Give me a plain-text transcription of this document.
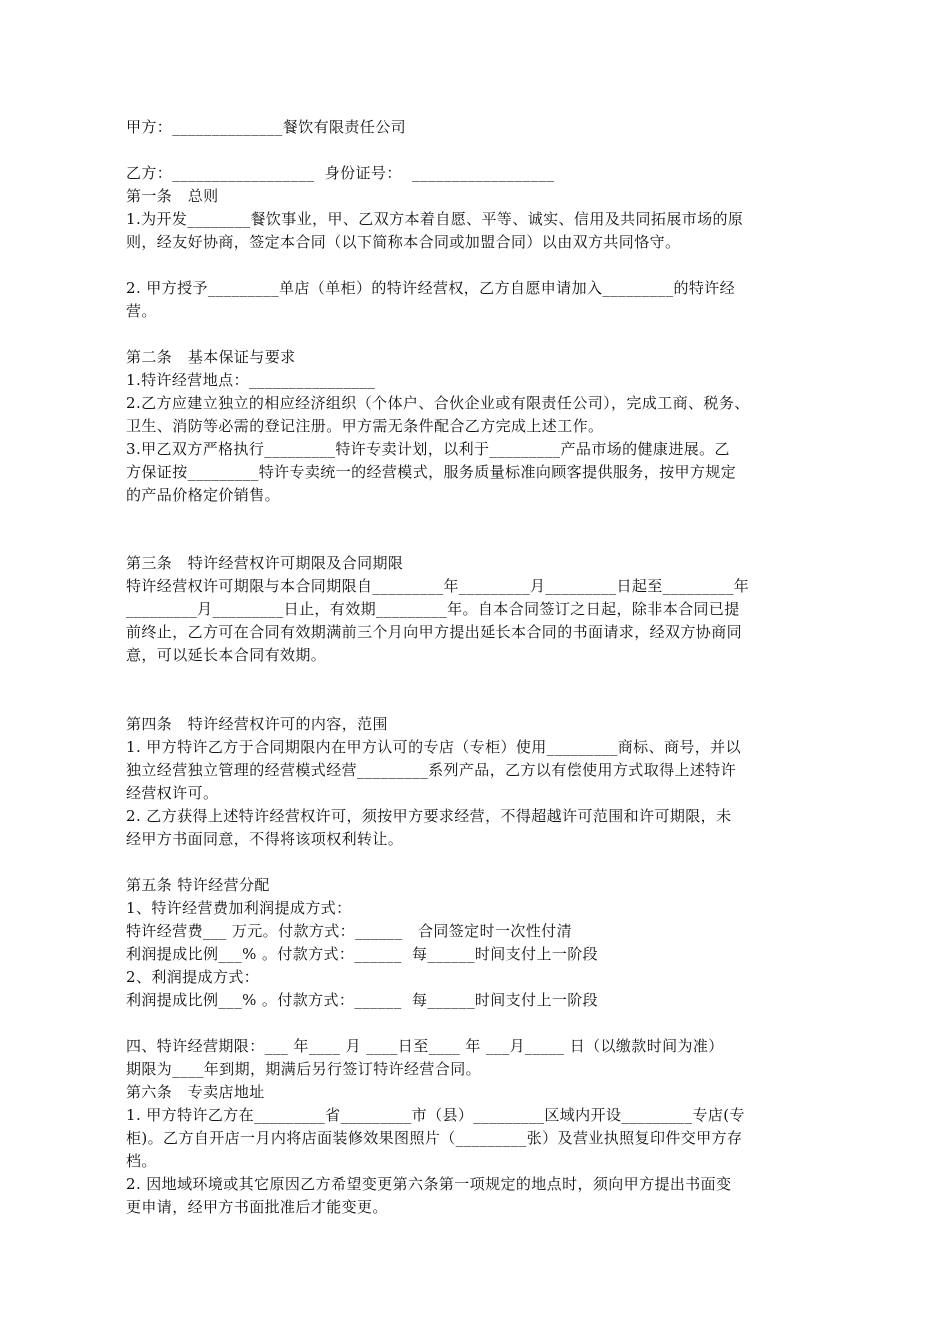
甲方：______________餐饮有限责任公司
乙方：__________________  身份证号：  __________________
第一条   总则
1.为开发________餐饮事业，甲、乙双方本着自愿、平等、诚实、信用及共同拓展市场的原
则，经友好协商，签定本合同（以下简称本合同或加盟合同）以由双方共同恪守。
2. 甲方授予_________单店（单柜）的特许经营权，乙方自愿申请加入_________的特许经
营。
第二条   基本保证与要求
1.特许经营地点：________________
2.乙方应建立独立的相应经济组织（个体户、合伙企业或有限责任公司），完成工商、税务、
卫生、消防等必需的登记注册。甲方需无条件配合乙方完成上述工作。
3.甲乙双方严格执行_________特许专卖计划，以利于_________产品市场的健康进展。乙
方保证按_________特许专卖统一的经营模式，服务质量标准向顾客提供服务，按甲方规定
的产品价格定价销售。
第三条   特许经营权许可期限及合同期限
特许经营权许可期限与本合同期限自_________年_________月_________日起至_________年
_________月_________日止，有效期_________年。自本合同签订之日起，除非本合同已提
前终止，乙方可在合同有效期满前三个月向甲方提出延长本合同的书面请求，经双方协商同
意，可以延长本合同有效期。
第四条   特许经营权许可的内容，范围
1. 甲方特许乙方于合同期限内在甲方认可的专店（专柜）使用_________商标、商号，并以
独立经营独立管理的经营模式经营_________系列产品，乙方以有偿使用方式取得上述特许
经营权许可。
2. 乙方获得上述特许经营权许可，须按甲方要求经营，不得超越许可范围和许可期限，未
经甲方书面同意，不得将该项权利转让。
第五条 特许经营分配
1、特许经营费加利润提成方式：
特许经营费___ 万元。付款方式：______   合同签定时一次性付清
利润提成比例___% 。付款方式：______  每______时间支付上一阶段
2、利润提成方式：
利润提成比例___% 。付款方式：______  每______时间支付上一阶段
四、特许经营期限：___ 年____ 月 ____日至____ 年 ___月_____ 日（以缴款时间为准）
期限为____年到期，期满后另行签订特许经营合同。
第六条   专卖店地址
1. 甲方特许乙方在_________省_________市（县）_________区域内开设_________专店(专
柜)。乙方自开店一月内将店面装修效果图照片（_________张）及营业执照复印件交甲方存
档。
2. 因地域环境或其它原因乙方希望变更第六条第一项规定的地点时，须向甲方提出书面变
更申请，经甲方书面批准后才能变更。
